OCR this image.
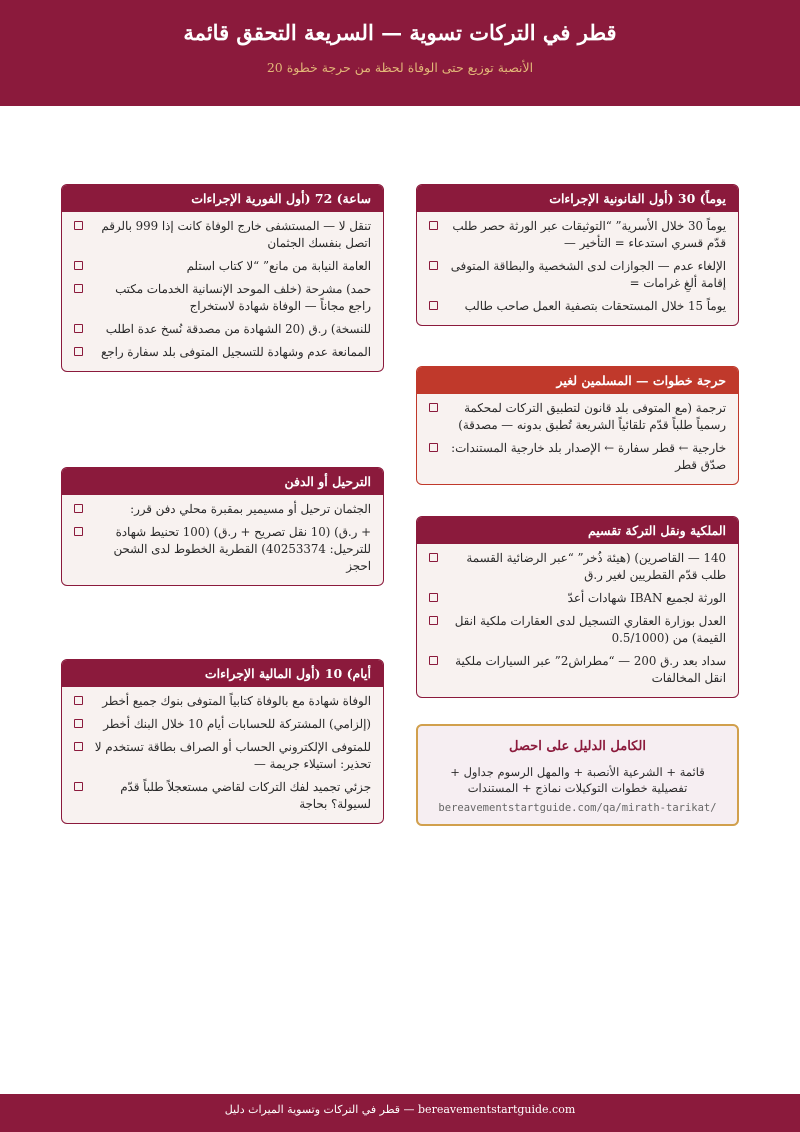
قطر في التركات تسوية — السريعة التحقق قائمة
الأنصبة توزيع حتى الوفاة لحظة من حرجة خطوة 20
ساعة) 72 (أول الفورية الإجراءات
تنقل لا — المستشفى خارج الوفاة كانت إذا 999 بالرقم اتصل بنفسك الجثمان
العامة النيابة من مانع” “لا كتاب استلم
حمد) مشرحة (خلف الموحد الإنسانية الخدمات مكتب راجع مجاناً — الوفاة شهادة لاستخراج
للنسخة) ر.ق (20 الشهادة من مصدقة نُسخ عدة اطلب
الممانعة عدم وشهادة للتسجيل المتوفى بلد سفارة راجع
الترحيل أو الدفن
الجثمان ترحيل أو مسيمير بمقبرة محلي دفن قرر:
+ ر.ق) (10 نقل تصريح + ر.ق) (100 تحنيط شهادة للترحيل: 40253374) القطرية الخطوط لدى الشحن احجز
أيام) 10 (أول المالية الإجراءات
الوفاة شهادة مع بالوفاة كتابياً المتوفى بنوك جميع أخطر
(إلزامي) المشتركة للحسابات أيام 10 خلال البنك أخطر
للمتوفى الإلكتروني الحساب أو الصراف بطاقة تستخدم لا تحذير: استيلاء جريمة —
جزئي تجميد لفك التركات لقاضي مستعجلاً طلباً قدّم لسيولة؟ بحاجة
يوماً) 30 (أول القانونية الإجراءات
يوماً 30 خلال الأسرية” “التوثيقات عبر الورثة حصر طلب قدّم قسري استدعاء = التأخير —
الإلغاء عدم — الجوازات لدى الشخصية والبطاقة المتوفى إقامة ألغِ غرامات =
يوماً 15 خلال المستحقات بتصفية العمل صاحب طالب
حرجة خطوات — المسلمين لغير
ترجمة (مع المتوفى بلد قانون لتطبيق التركات لمحكمة رسمياً طلباً قدّم تلقائياً الشريعة تُطبق بدونه — مصدقة)
خارجية ← قطر سفارة ← الإصدار بلد خارجية المستندات: صدّق قطر
الملكية ونقل التركة تقسيم
140 — القاصرين) (هيئة ذُخر” “عبر الرضائية القسمة طلب قدّم القطريين لغير ر.ق
الورثة لجميع IBAN شهادات أعدّ
العدل بوزارة العقاري التسجيل لدى العقارات ملكية انقل القيمة) من (0.5/1000
سداد بعد ر.ق 200 — “مطراش2” عبر السيارات ملكية انقل المخالفات
الكامل الدليل على احصل
قائمة + الشرعية الأنصبة + والمهل الرسوم جداول + تفصيلية خطوات التوكيلات نماذج + المستندات
bereavementstartguide.com/qa/mirath-tarikat/
bereavementstartguide.com — قطر في التركات وتسوية الميراث دليل
